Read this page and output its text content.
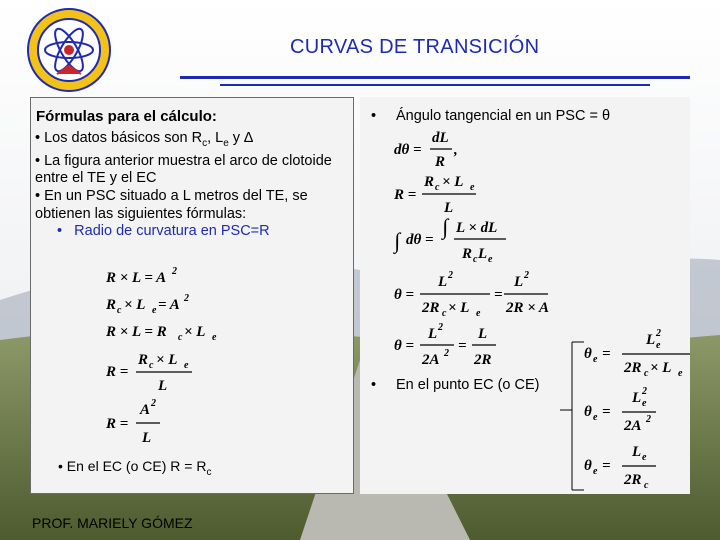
CURVAS DE TRANSICIÓN
Fórmulas para el cálculo:

• Los datos básicos son $R_c$, $L_e$ y ∆

• La figura anterior muestra el arco de clotoide entre el TE y el EC

• En un PSC situado a L metros del TE, se obtienen las siguientes fórmulas:

• Radio de curvatura en PSC=R

R × L = A 2
R c × L e = A 2
R × L = R c × L e
R =
R c × L e
L
R =
A 2
L
• En el EC (o CE) $R = R_c$
• Ángulo tangencial en un PSC = θ
dθ =
dL
R
,
R =
R c × L e
L
∫ dθ =
∫ L × dL
R c L e
θ =
L 2
2R c × L e
=
L 2
2R × A
θ =
L 2
2A 2 =
L
2R
• En el punto EC (o CE)
θ e =
L 2
e
2R c × L e
θ e =
L 2
e
2A 2
θ e =
L e
2R c
PROF. MARIELY GÓMEZ
